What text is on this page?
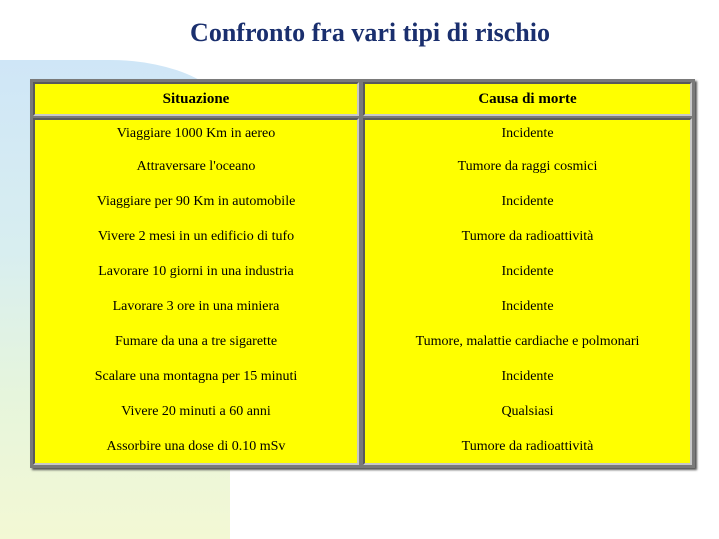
Confronto fra vari tipi di rischio
Situazione	Causa di morte
Viaggiare 1000 Km in aereo
Attraversare l'oceano
Viaggiare per 90 Km in automobile
Vivere 2 mesi in un edificio di tufo
Lavorare 10 giorni in una industria
Lavorare 3 ore in una miniera
Fumare da una a tre sigarette
Scalare una montagna per 15 minuti
Vivere 20 minuti a 60 anni
Assorbire una dose di 0.10 mSv
Incidente
Tumore da raggi cosmici
Incidente
Tumore da radioattività
Incidente
Incidente
Tumore, malattie cardiache e polmonari
Incidente
Qualsiasi
Tumore da radioattività
